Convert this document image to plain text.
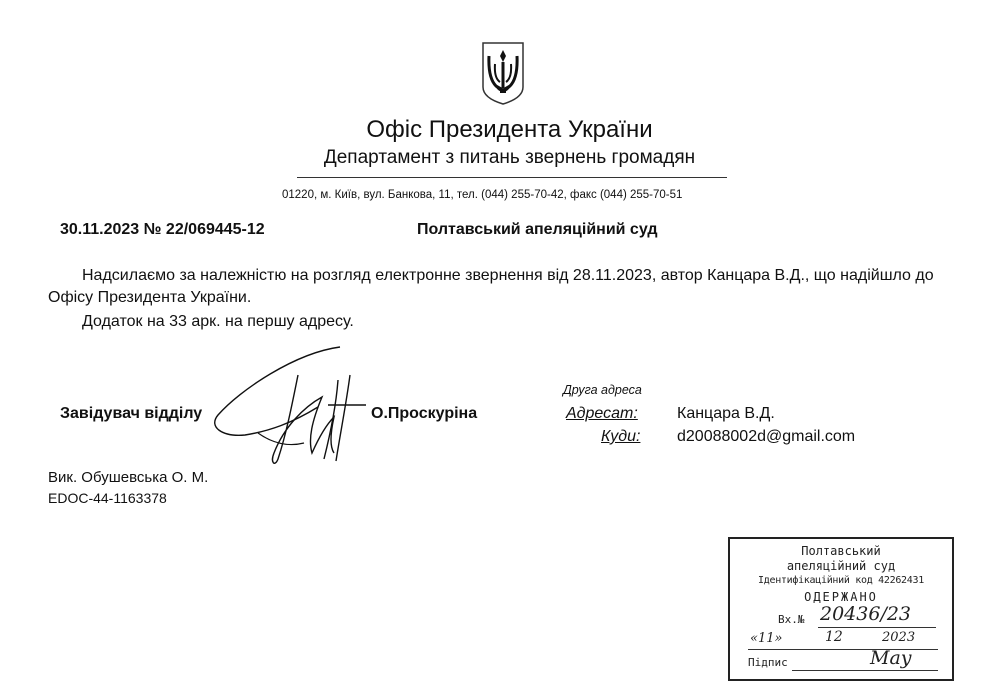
Офіс Президента України
Департамент з питань звернень громадян
01220, м. Київ, вул. Банкова, 11, тел. (044) 255-70-42, факс (044) 255-70-51
30.11.2023 № 22/069445-12	Полтавський апеляційний суд
Надсилаємо за належністю на розгляд електронне звернення від 28.11.2023, автор Канцара В.Д., що надійшло до Офісу Президента України.
Додаток на 33 арк. на першу адресу.
Завідувач відділу	О.Проскуріна
Друга адреса
Адресат: Канцара В.Д.
Куди: d20088002d@gmail.com
Вик. Обушевська О. М.
EDOC-44-1163378
Полтавський
апеляційний суд
Ідентифікаційний код 42262431
ОДЕРЖАНО
Вх.№ 20436/23
«11»	12	2023
Підпис	Мау
